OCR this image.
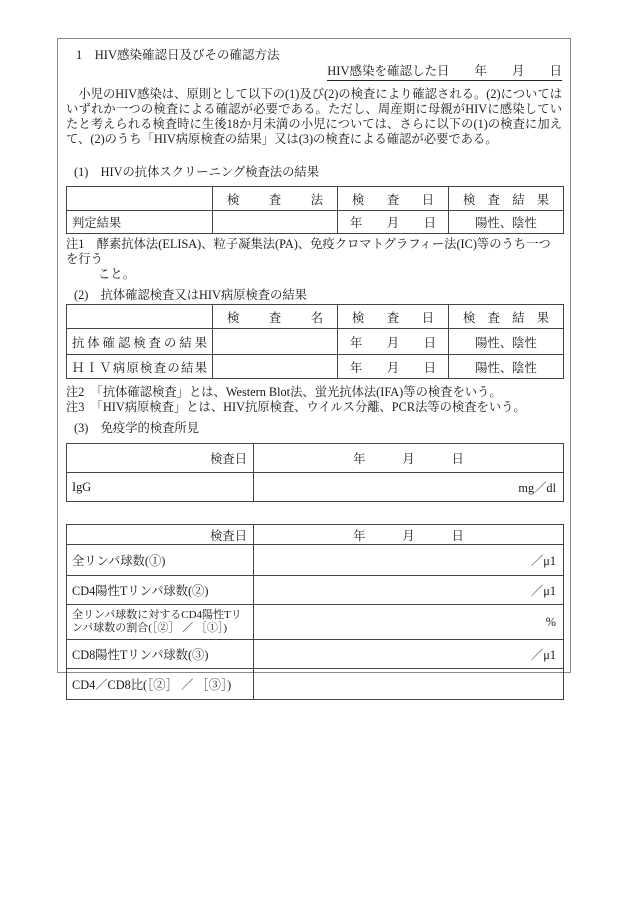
1　HIV感染確認日及びその確認方法
HIV感染を確認した日　　年　　月　　日
　小児のHIV感染は、原則として以下の(1)及び(2)の検査により確認される。(2)についてはいずれか一つの検査による確認が必要である。ただし、周産期に母親がHIVに感染していたと考えられる検査時に生後18か月未満の小児については、さらに以下の(1)の検査に加えて、(2)のうち「HIV病原検査の結果」又は(3)の検査による確認が必要である。
(1)　HIVの抗体スクリーニング検査法の結果
	検　査　法	検　査　日	検　査　結　果
判定結果		年　　月　　日	陽性、陰性
注1　酵素抗体法(ELISA)、粒子凝集法(PA)、免疫クロマトグラフィー法(IC)等のうち一つを行う
こと。
(2)　抗体確認検査又はHIV病原検査の結果
	検　査　名	検　査　日	検　査　結　果
抗体確認検査の結果		年　　月　　日	陽性、陰性
ＨＩＶ病原検査の結果		年　　月　　日	陽性、陰性
注2　「抗体確認検査」とは、Western Blot法、蛍光抗体法(IFA)等の検査をいう。
注3　「HIV病原検査」とは、HIV抗原検査、ウイルス分離、PCR法等の検査をいう。
(3)　免疫学的検査所見
検査日	年　　　月　　　日
IgG	mg／dl
検査日	年　　　月　　　日
全リンパ球数(①)	／μ1
CD4陽性Tリンパ球数(②)	／μ1
全リンパ球数に対するCD4陽性Tリンパ球数の割合(［②］ ／ ［①］)	%
CD8陽性Tリンパ球数(③)	／μ1
CD4／CD8比(［②］ ／ ［③］)	
